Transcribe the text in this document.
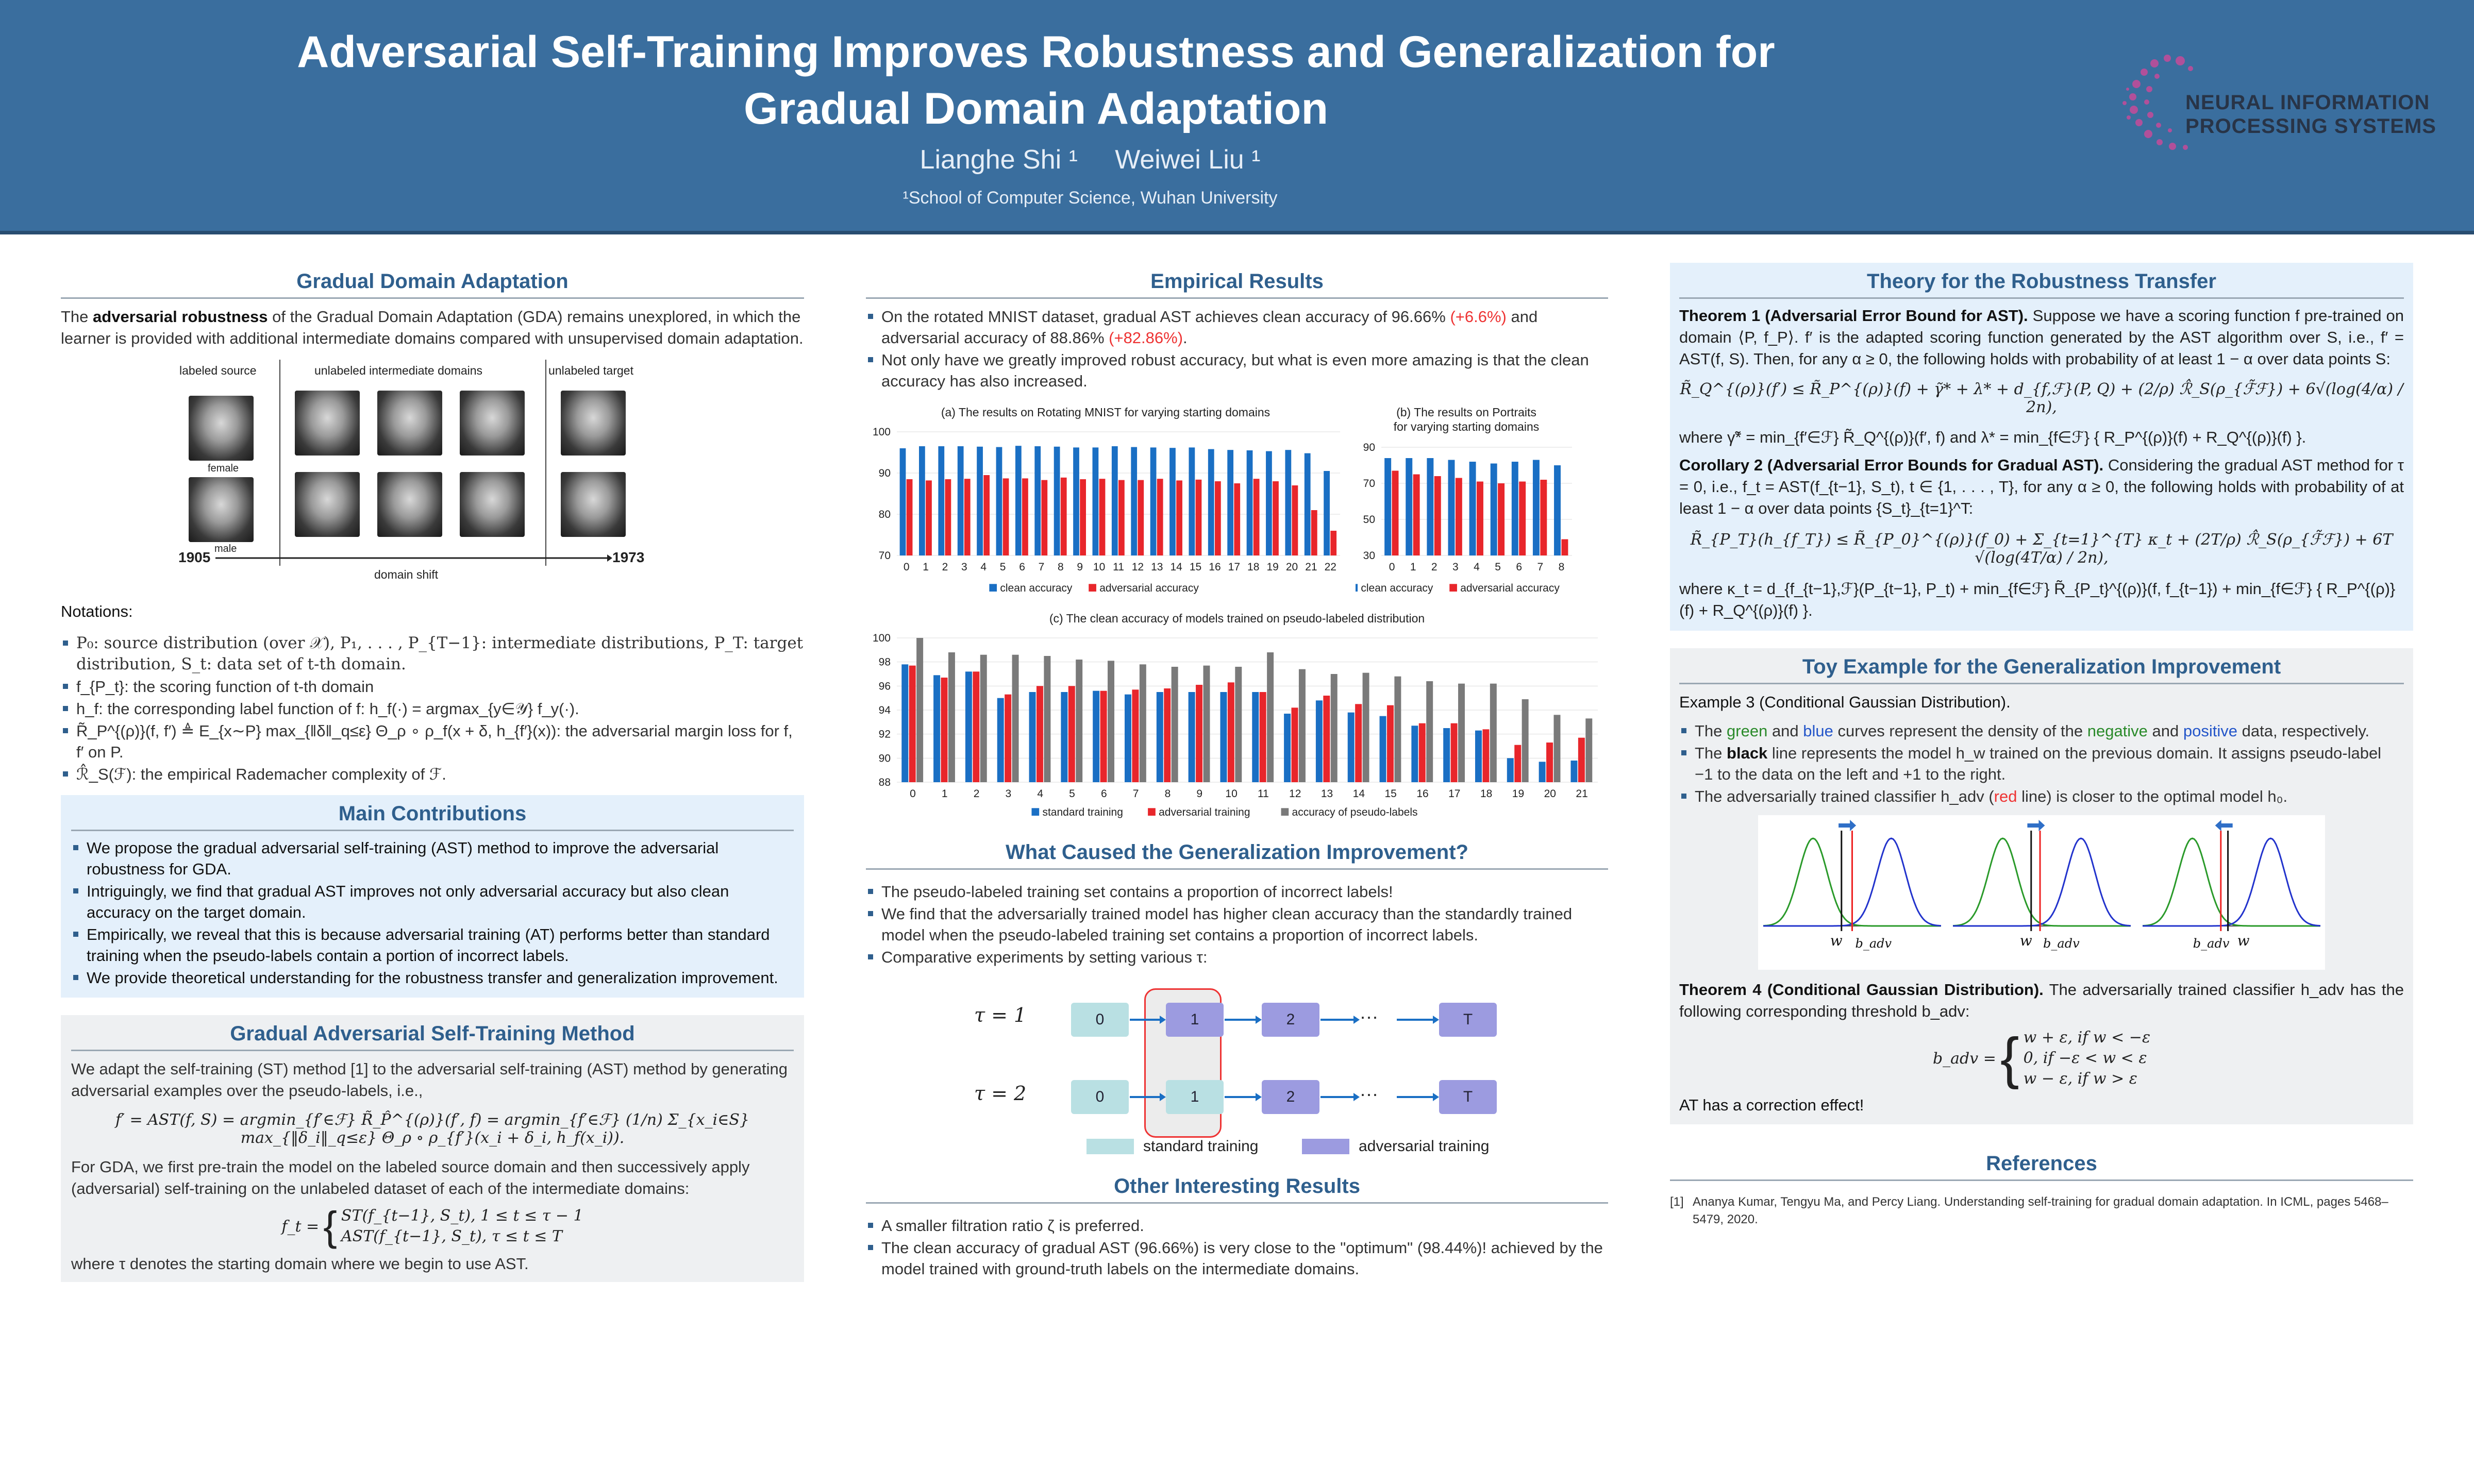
Adversarial Self-Training Improves Robustness and Generalization for
Gradual Domain Adaptation
Lianghe Shi ¹     Weiwei Liu ¹
¹School of Computer Science, Wuhan University
NEURAL INFORMATION
PROCESSING SYSTEMS
Gradual Domain Adaptation
The adversarial robustness of the Gradual Domain Adaptation (GDA) remains unexplored, in which the learner is provided with additional intermediate domains compared with unsupervised domain adaptation.
labeled source	unlabeled intermediate domains	unlabeled target
female
male
1905	1973
domain shift
Notations:
P₀: source distribution (over 𝒳), P₁, . . . , P_{T−1}: intermediate distributions, P_T: target distribution, S_t: data set of t-th domain.
f_{P_t}: the scoring function of t-th domain
h_f: the corresponding label function of f: h_f(·) = argmax_{y∈𝒴} f_y(·).
R̃_P^{(ρ)}(f, f′) ≜ E_{x∼P} max_{‖δ‖_q≤ε} Θ_ρ ∘ ρ_f(x + δ, h_{f′}(x)): the adversarial margin loss for f, f′ on P.
ℛ̂_S(ℱ): the empirical Rademacher complexity of ℱ.
Main Contributions
We propose the gradual adversarial self-training (AST) method to improve the adversarial robustness for GDA.
Intriguingly, we find that gradual AST improves not only adversarial accuracy but also clean accuracy on the target domain.
Empirically, we reveal that this is because adversarial training (AT) performs better than standard training when the pseudo-labels contain a portion of incorrect labels.
We provide theoretical understanding for the robustness transfer and generalization improvement.
Gradual Adversarial Self-Training Method
We adapt the self-training (ST) method [1] to the adversarial self-training (AST) method by generating adversarial examples over the pseudo-labels, i.e.,
f′ = AST(f, S) = argmin_{f′∈ℱ} R̃_P̂^{(ρ)}(f′, f) = argmin_{f′∈ℱ} (1/n) Σ_{x_i∈S} max_{‖δ_i‖_q≤ε} Θ_ρ ∘ ρ_{f′}(x_i + δ_i, h_f(x_i)).
For GDA, we first pre-train the model on the labeled source domain and then successively apply (adversarial) self-training on the unlabeled dataset of each of the intermediate domains:
f_t = { ST(f_{t−1}, S_t), 1 ≤ t ≤ τ − 1
AST(f_{t−1}, S_t), τ ≤ t ≤ T
where τ denotes the starting domain where we begin to use AST.
Empirical Results
On the rotated MNIST dataset, gradual AST achieves clean accuracy of 96.66% (+6.6%) and adversarial accuracy of 88.86% (+82.86%).
Not only have we greatly improved robust accuracy, but what is even more amazing is that the clean accuracy has also increased.
(a) The results on Rotating MNIST for varying starting domains
70
80
90
100
0 1 2 3 4 5 6 7 8 9 10 11 12 13 14 15 16 17 18 19 20 21 22
clean accuracy	adversarial accuracy
(b) The results on Portraits
30
50
70
90
0 1 2 3 4 5 6 7 8
clean accuracy	adversarial accuracy
for varying starting domains
(c) The clean accuracy of models trained on pseudo-labeled distribution
88
90
92
94
96
98
100
0 1 2 3 4 5 6 7 8 9 10 11 12 13 14 15 16 17 18 19 20 21
standard training	adversarial training	accuracy of pseudo-labels
What Caused the Generalization Improvement?
The pseudo-labeled training set contains a proportion of incorrect labels!
We find that the adversarially trained model has higher clean accuracy than the standardly trained model when the pseudo-labeled training set contains a proportion of incorrect labels.
Comparative experiments by setting various τ:
τ = 1
τ = 2
0	1	2	···	T
0	1	2	···	T
standard training	adversarial training
Other Interesting Results
A smaller filtration ratio ζ is preferred.
The clean accuracy of gradual AST (96.66%) is very close to the "optimum" (98.44%)! achieved by the model trained with ground-truth labels on the intermediate domains.
Theory for the Robustness Transfer
Theorem 1 (Adversarial Error Bound for AST). Suppose we have a scoring function f pre-trained on domain ⟨P, f_P⟩. f′ is the adapted scoring function generated by the AST algorithm over S, i.e., f′ = AST(f, S). Then, for any α ≥ 0, the following holds with probability of at least 1 − α over data points S:
R̃_Q^{(ρ)}(f′) ≤ R̃_P^{(ρ)}(f) + γ̃* + λ* + d_{f,ℱ}(P, Q) + (2/ρ) ℛ̂_S(ρ_{ℱ̃ℱ}) + 6√(log(4/α) / 2n),
where γ̃* = min_{f′∈ℱ} R̃_Q^{(ρ)}(f′, f) and λ* = min_{f∈ℱ} { R_P^{(ρ)}(f) + R_Q^{(ρ)}(f) }.
Corollary 2 (Adversarial Error Bounds for Gradual AST). Considering the gradual AST method for τ = 0, i.e., f_t = AST(f_{t−1}, S_t), t ∈ {1, . . . , T}, for any α ≥ 0, the following holds with probability of at least 1 − α over data points {S_t}_{t=1}^T:
R̃_{P_T}(h_{f_T}) ≤ R̃_{P_0}^{(ρ)}(f_0) + Σ_{t=1}^{T} κ_t + (2T/ρ) ℛ̂_S(ρ_{ℱ̃ℱ}) + 6T √(log(4T/α) / 2n),
where κ_t = d_{f_{t−1},ℱ}(P_{t−1}, P_t) + min_{f∈ℱ} R̃_{P_t}^{(ρ)}(f, f_{t−1}) + min_{f∈ℱ} { R_P^{(ρ)}(f) + R_Q^{(ρ)}(f) }.
Toy Example for the Generalization Improvement
Example 3 (Conditional Gaussian Distribution).
The green and blue curves represent the density of the negative and positive data, respectively.
The black line represents the model h_w trained on the previous domain. It assigns pseudo-label −1 to the data on the left and +1 to the right.
The adversarially trained classifier h_adv (red line) is closer to the optimal model h₀.
w b_adv	w b_adv	w
b_adv
Theorem 4 (Conditional Gaussian Distribution). The adversarially trained classifier h_adv has the following corresponding threshold b_adv:
b_adv = { w + ε, if w < −ε
0, if −ε < w < ε
w − ε, if w > ε
AT has a correction effect!
References
[1] Ananya Kumar, Tengyu Ma, and Percy Liang. Understanding self-training for gradual domain adaptation. In ICML, pages 5468–5479, 2020.
